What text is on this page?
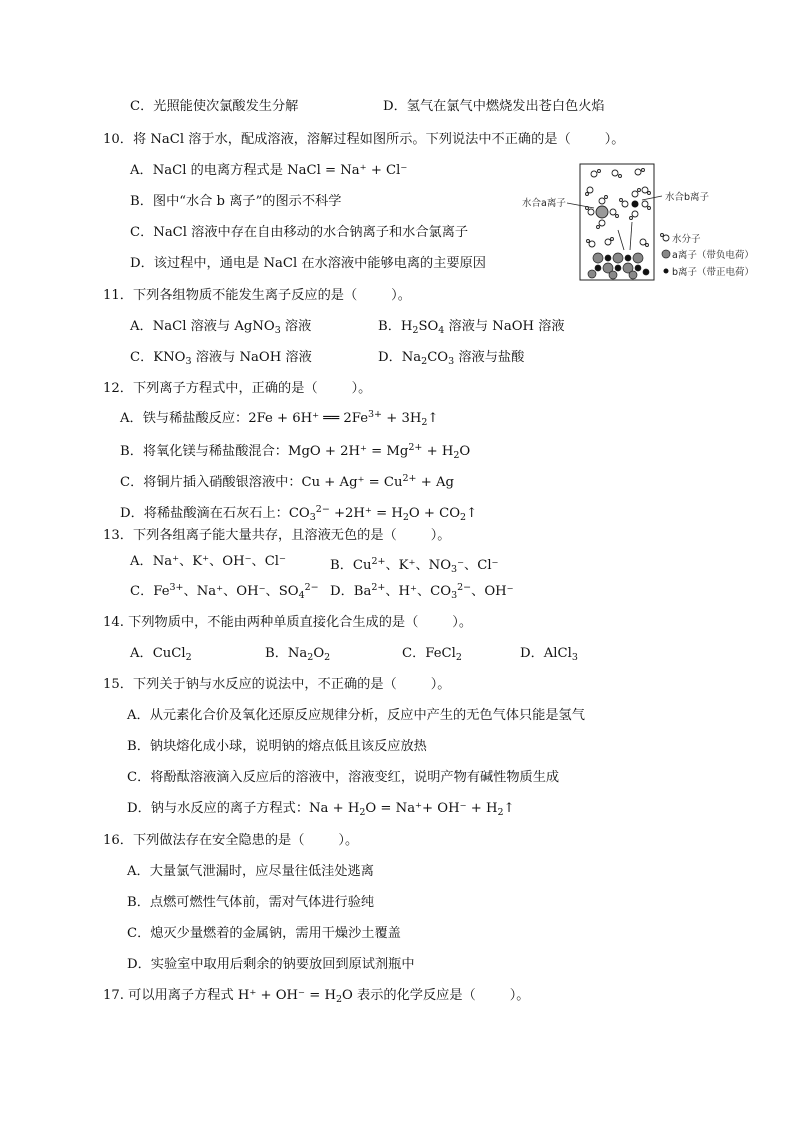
C．光照能使次氯酸发生分解	D．氢气在氯气中燃烧发出苍白色火焰
10．将 NaCl 溶于水，配成溶液，溶解过程如图所示。下列说法中不正确的是（	）。
A．NaCl 的电离方程式是 NaCl = Na⁺ + Cl⁻
B．图中“水合 b 离子”的图示不科学
C．NaCl 溶液中存在自由移动的水合钠离子和水合氯离子
D．该过程中，通电是 NaCl 在水溶液中能够电离的主要原因
水合a离子
水合b离子
水分子
a离子（带负电荷）
b离子（带正电荷）
11．下列各组物质不能发生离子反应的是（	）。
A．NaCl 溶液与 AgNO$_3$ 溶液	B．$H_2SO_4$ 溶液与 NaOH 溶液
C．$KNO_3$ 溶液与 NaOH 溶液	D．$Na_2CO_3$ 溶液与盐酸
12．下列离子方程式中，正确的是（	）。
A．铁与稀盐酸反应：2Fe + 6H⁺ ══ $2Fe^{3+}$ + $3H_2↑$
B．将氧化镁与稀盐酸混合：MgO + $2H^+ = Mg^{2+} + H_2O$
C．将铜片插入硝酸银溶液中：$Cu + Ag^+ = Cu^{2+} + Ag$
D．将稀盐酸滴在石灰石上：$CO_3^{2-} +2H^+ = H_2O$ + $CO_2↑$
13．下列各组离子能大量共存，且溶液无色的是（	）。
A．Na⁺、K⁺、OH⁻、Cl⁻	B．$Cu^{2+}$、K⁺、$NO_3^-$、Cl⁻
C．$Fe^{3+}$、Na⁺、OH⁻、$SO_4^{2-}$ D．$Ba^{2+}$、H⁺、$CO_3^{2-}$、OH⁻
14. 下列物质中，不能由两种单质直接化合生成的是（	）。
A．CuCl$_2$	B．$Na_2O_2$	C．FeCl$_2$	D．AlCl$_3$
15．下列关于钠与水反应的说法中，不正确的是（	）。
A．从元素化合价及氧化还原反应规律分析，反应中产生的无色气体只能是氢气
B．钠块熔化成小球，说明钠的熔点低且该反应放热
C．将酚酞溶液滴入反应后的溶液中，溶液变红，说明产物有碱性物质生成
D．钠与水反应的离子方程式：$Na + H_2O = Na^++ OH^-$ + $H_2↑$
16．下列做法存在安全隐患的是（	）。
A．大量氯气泄漏时，应尽量往低洼处逃离
B．点燃可燃性气体前，需对气体进行验纯
C．熄灭少量燃着的金属钠，需用干燥沙土覆盖
D．实验室中取用后剩余的钠要放回到原试剂瓶中
17. 可以用离子方程式 $H^+ + OH^- = H_2O$ 表示的化学反应是（	）。
